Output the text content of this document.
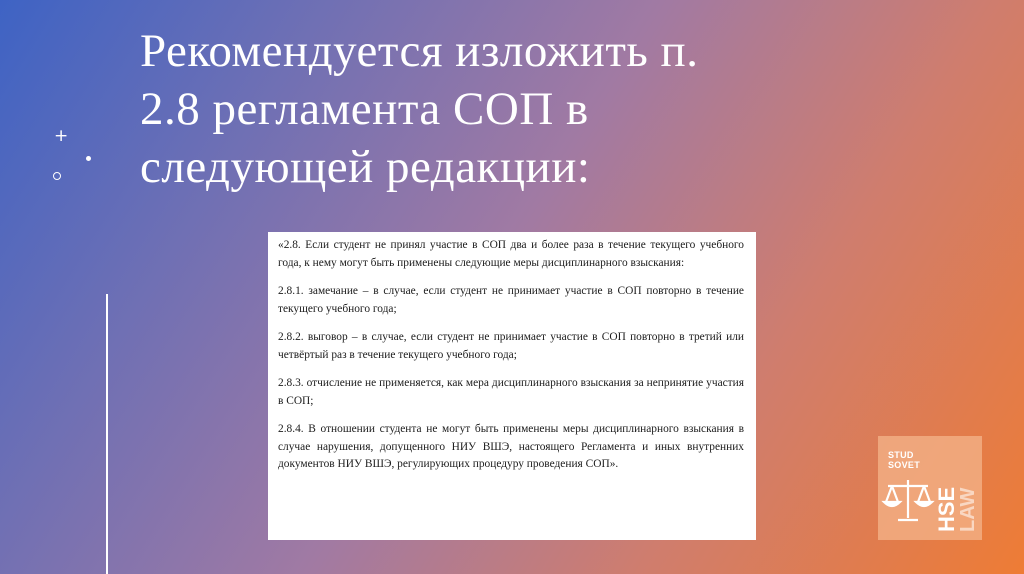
Рекомендуется изложить п.
2.8 регламента СОП в
следующей редакции:
+

«2.8. Если студент не принял участие в СОП два и более раза в течение текущего учебного года, к нему могут быть применены следующие меры дисциплинарного взыскания:

2.8.1. замечание – в случае, если студент не принимает участие в СОП повторно в течение текущего учебного года;

2.8.2. выговор – в случае, если студент не принимает участие в СОП повторно в третий или четвёртый раз в течение текущего учебного года;

2.8.3. отчисление не применяется, как мера дисциплинарного взыскания за непринятие участия в СОП;

2.8.4. В отношении студента не могут быть применены меры дисциплинарного взыскания в случае нарушения, допущенного НИУ ВШЭ, настоящего Регламента и иных внутренних документов НИУ ВШЭ, регулирующих процедуру проведения СОП».

HSE
LAW
STUD
SOVET
